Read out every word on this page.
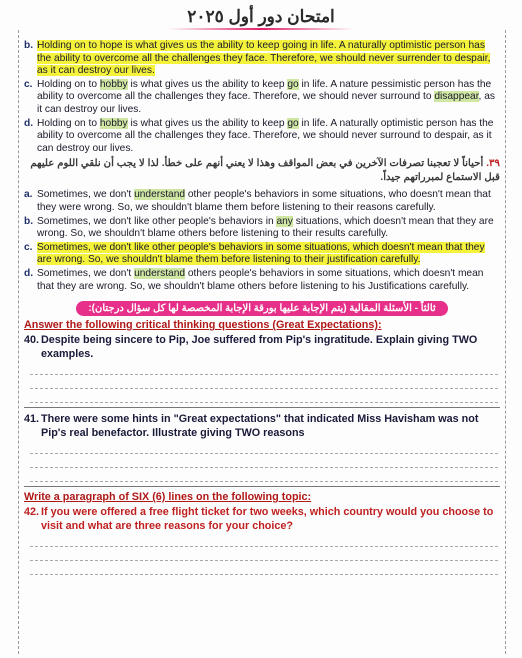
امتحان دور أول ٢٠٢٥
b. Holding on to hope is what gives us the ability to keep going in life. A naturally optimistic person has the ability to overcome all the challenges they face. Therefore, we should never surrender to despair, as it can destroy our lives.
c. Holding on to hobby is what gives us the ability to keep go in life. A nature pessimistic person has the ability to overcome all the challenges they face. Therefore, we should never surround to disappear, as it can destroy our lives.
d. Holding on to hobby is what gives us the ability to keep go in life. A naturally optimistic person has the ability to overcome all the challenges they face. Therefore, we should never surround to despair, as it can destroy our lives.
٣٩. أحياناً لا تعجبنا تصرفات الآخرين في بعض المواقف وهذا لا يعني أنهم على خطأ. لذا لا يجب أن نلقي اللوم عليهم قبل الاستماع لمبرراتهم جيداً.
a. Sometimes, we don't understand other people's behaviors in some situations, who doesn't mean that they were wrong. So, we shouldn't blame them before listening to their reasons carefully.
b. Sometimes, we don't like other people's behaviors in any situations, which doesn't mean that they are wrong. So, we shouldn't blame others before listening to their results carefully.
c. Sometimes, we don't like other people's behaviors in some situations, which doesn't mean that they are wrong. So, we shouldn't blame them before listening to their justification carefully.
d. Sometimes, we don't understand others people's behaviors in some situations, which doesn't mean that they are wrong. So, we shouldn't blame others before listening to his Justifications carefully.
ثالثاً - الأسئلة المقالية (يتم الإجابة عليها بورقة الإجابة المخصصة لها كل سؤال درجتان):
Answer the following critical thinking questions (Great Expectations):
40. Despite being sincere to Pip, Joe suffered from Pip's ingratitude. Explain giving TWO examples.
41. There were some hints in "Great expectations" that indicated Miss Havisham was not Pip's real benefactor. Illustrate giving TWO reasons
Write a paragraph of SIX (6) lines on the following topic:
42. If you were offered a free flight ticket for two weeks, which country would you choose to visit and what are three reasons for your choice?
